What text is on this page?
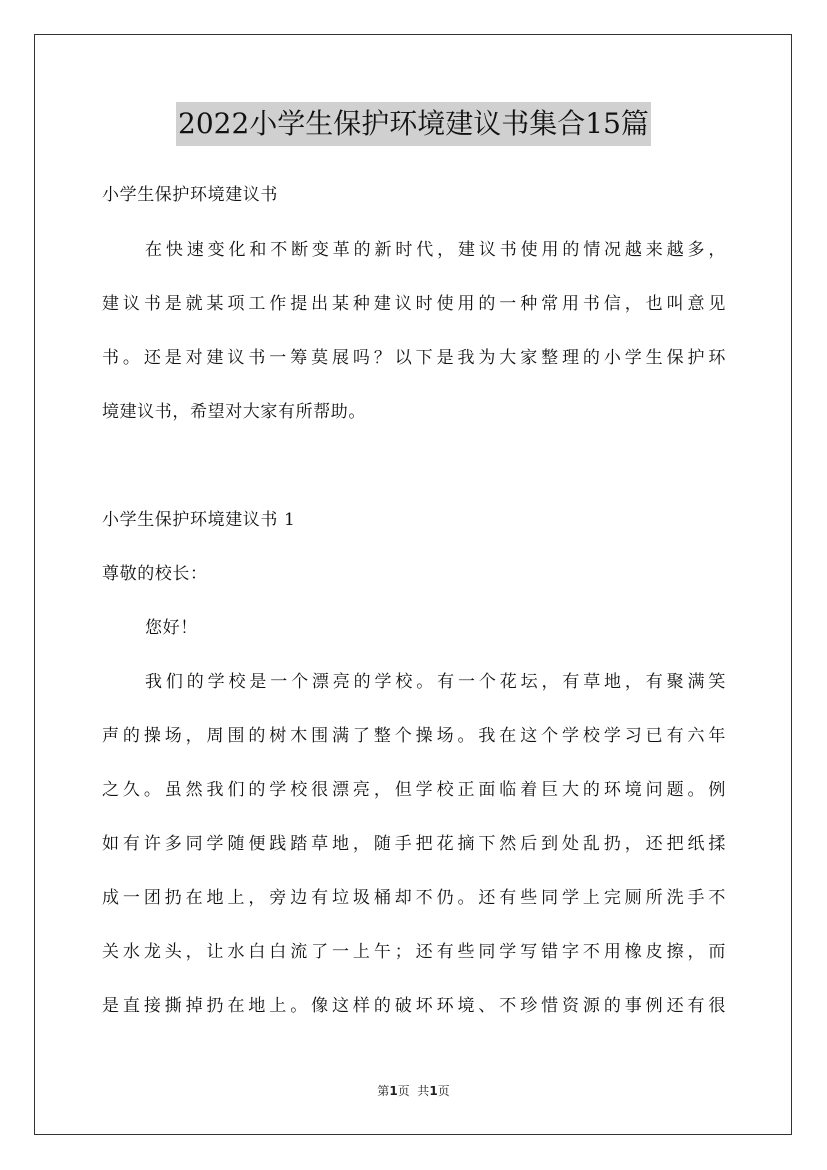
2022小学生保护环境建议书集合15篇
小学生保护环境建议书
在快速变化和不断变革的新时代，建议书使用的情况越来越多，
建议书是就某项工作提出某种建议时使用的一种常用书信，也叫意见
书。还是对建议书一筹莫展吗？以下是我为大家整理的小学生保护环
境建议书，希望对大家有所帮助。
小学生保护环境建议书 1
尊敬的校长：
您好！
我们的学校是一个漂亮的学校。有一个花坛，有草地，有聚满笑
声的操场，周围的树木围满了整个操场。我在这个学校学习已有六年
之久。虽然我们的学校很漂亮，但学校正面临着巨大的环境问题。例
如有许多同学随便践踏草地，随手把花摘下然后到处乱扔，还把纸揉
成一团扔在地上，旁边有垃圾桶却不仍。还有些同学上完厕所洗手不
关水龙头，让水白白流了一上午；还有些同学写错字不用橡皮擦，而
是直接撕掉扔在地上。像这样的破坏环境、不珍惜资源的事例还有很
第1页  共1页
